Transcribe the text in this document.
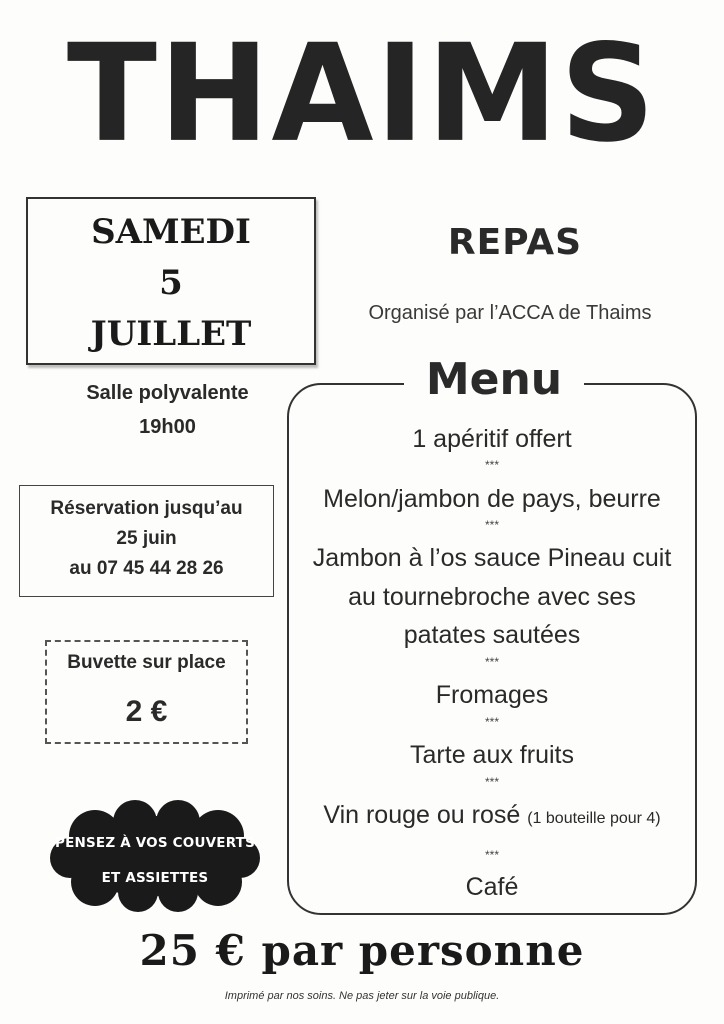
THAIMS
SAMEDI
5
JUILLET
REPAS
Organisé par l’ACCA de Thaims
Salle polyvalente
19h00
Réservation jusqu’au
25 juin
au 07 45 44 28 26
Buvette sur place
2 €
PENSEZ À VOS COUVERTS
ET ASSIETTES
Menu
1 apéritif offert
***
Melon/jambon de pays, beurre
***
Jambon à l’os sauce Pineau cuit
au tournebroche avec ses
patates sautées
***
Fromages
***
Tarte aux fruits
***
Vin rouge ou rosé (1 bouteille pour 4)
***
Café
25 € par personne
Imprimé par nos soins. Ne pas jeter sur la voie publique.
